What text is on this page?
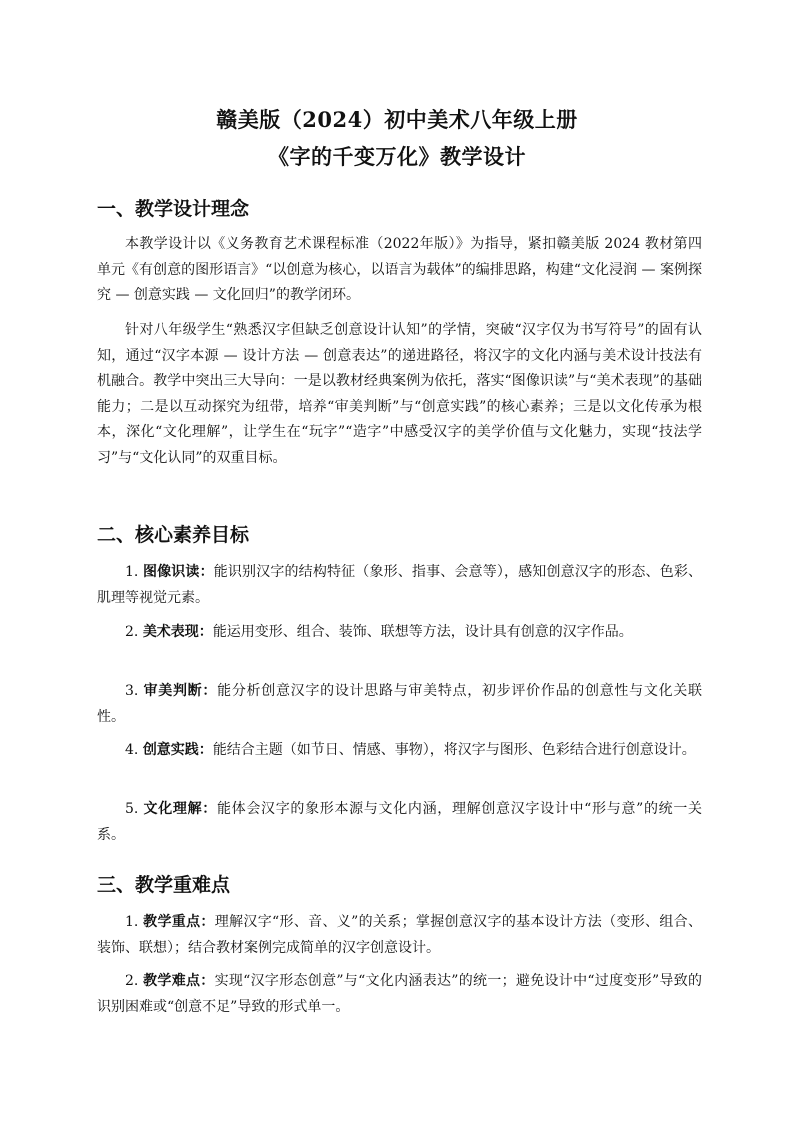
赣美版（2024）初中美术八年级上册
《字的千变万化》教学设计
一、教学设计理念

本教学设计以《义务教育艺术课程标准（2022年版）》为指导，紧扣赣美版 2024 教材第四单元《有创意的图形语言》“以创意为核心，以语言为载体”的编排思路，构建“文化浸润 — 案例探究 — 创意实践 — 文化回归”的教学闭环。

针对八年级学生“熟悉汉字但缺乏创意设计认知”的学情，突破“汉字仅为书写符号”的固有认知，通过“汉字本源 — 设计方法 — 创意表达”的递进路径，将汉字的文化内涵与美术设计技法有机融合。教学中突出三大导向：一是以教材经典案例为依托，落实“图像识读”与“美术表现”的基础能力；二是以互动探究为纽带，培养“审美判断”与“创意实践”的核心素养；三是以文化传承为根本，深化“文化理解”，让学生在“玩字”“造字”中感受汉字的美学价值与文化魅力，实现“技法学习”与“文化认同”的双重目标。

二、核心素养目标

1. 图像识读：能识别汉字的结构特征（象形、指事、会意等），感知创意汉字的形态、色彩、肌理等视觉元素。

2. 美术表现：能运用变形、组合、装饰、联想等方法，设计具有创意的汉字作品。

3. 审美判断：能分析创意汉字的设计思路与审美特点，初步评价作品的创意性与文化关联性。

4. 创意实践：能结合主题（如节日、情感、事物），将汉字与图形、色彩结合进行创意设计。

5. 文化理解：能体会汉字的象形本源与文化内涵，理解创意汉字设计中“形与意”的统一关系。

三、教学重难点

1. 教学重点：理解汉字“形、音、义”的关系；掌握创意汉字的基本设计方法（变形、组合、装饰、联想）；结合教材案例完成简单的汉字创意设计。

2. 教学难点：实现“汉字形态创意”与“文化内涵表达”的统一；避免设计中“过度变形”导致的识别困难或“创意不足”导致的形式单一。
